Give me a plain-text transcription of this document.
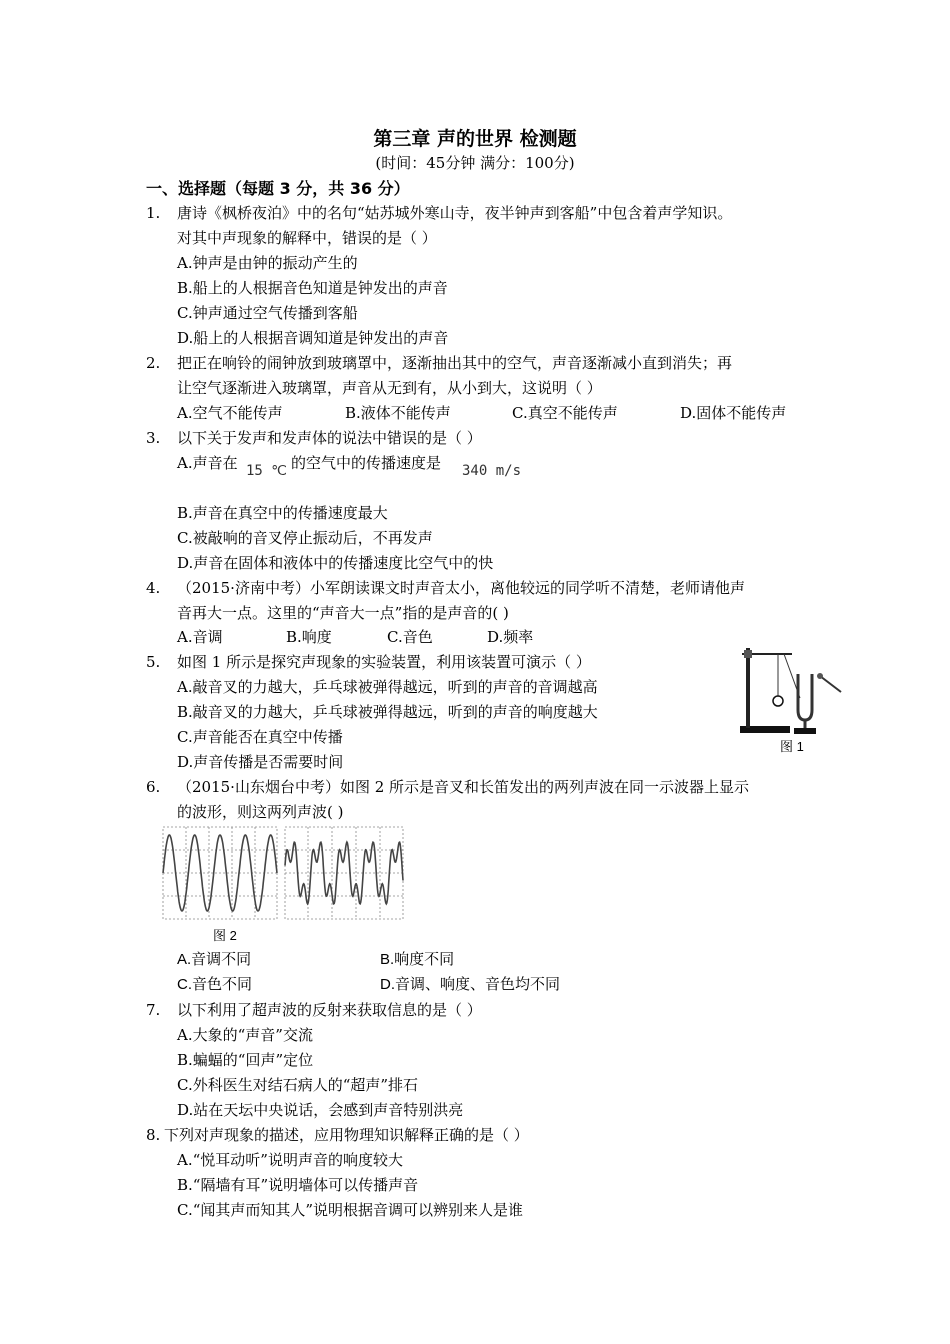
第三章 声的世界 检测题
(时间：45分钟 满分：100分)
一、选择题（每题 3 分，共 36 分）
1. 唐诗《枫桥夜泊》中的名句“姑苏城外寒山寺，夜半钟声到客船”中包含着声学知识。
对其中声现象的解释中，错误的是（ ）
A.钟声是由钟的振动产生的
B.船上的人根据音色知道是钟发出的声音
C.钟声通过空气传播到客船
D.船上的人根据音调知道是钟发出的声音
2. 把正在响铃的闹钟放到玻璃罩中，逐渐抽出其中的空气，声音逐渐减小直到消失；再
让空气逐渐进入玻璃罩，声音从无到有，从小到大，这说明（ ）
A.空气不能传声	B.液体不能传声	C.真空不能传声	D.固体不能传声
3. 以下关于发声和发声体的说法中错误的是（ ）
A.声音在 15 ℃ 的空气中的传播速度是 340 m/s
B.声音在真空中的传播速度最大
C.被敲响的音叉停止振动后，不再发声
D.声音在固体和液体中的传播速度比空气中的快
4. （2015·济南中考）小军朗读课文时声音太小，离他较远的同学听不清楚，老师请他声
音再大一点。这里的“声音大一点”指的是声音的( )
A.音调	B.响度	C.音色	D.频率
5. 如图 1 所示是探究声现象的实验装置，利用该装置可演示（ ）
A.敲音叉的力越大，乒乓球被弹得越远，听到的声音的音调越高
B.敲音叉的力越大，乒乓球被弹得越远，听到的声音的响度越大
C.声音能否在真空中传播
D.声音传播是否需要时间
图 1
6. （2015·山东烟台中考）如图 2 所示是音叉和长笛发出的两列声波在同一示波器上显示
的波形，则这两列声波( )
图 2
A.音调不同	B.响度不同
C.音色不同	D.音调、响度、音色均不同
7. 以下利用了超声波的反射来获取信息的是（ ）
A.大象的“声音”交流
B.蝙蝠的“回声”定位
C.外科医生对结石病人的“超声”排石
D.站在天坛中央说话，会感到声音特别洪亮
8. 下列对声现象的描述，应用物理知识解释正确的是（ ）
A.“悦耳动听”说明声音的响度较大
B.“隔墙有耳”说明墙体可以传播声音
C.“闻其声而知其人”说明根据音调可以辨别来人是谁
